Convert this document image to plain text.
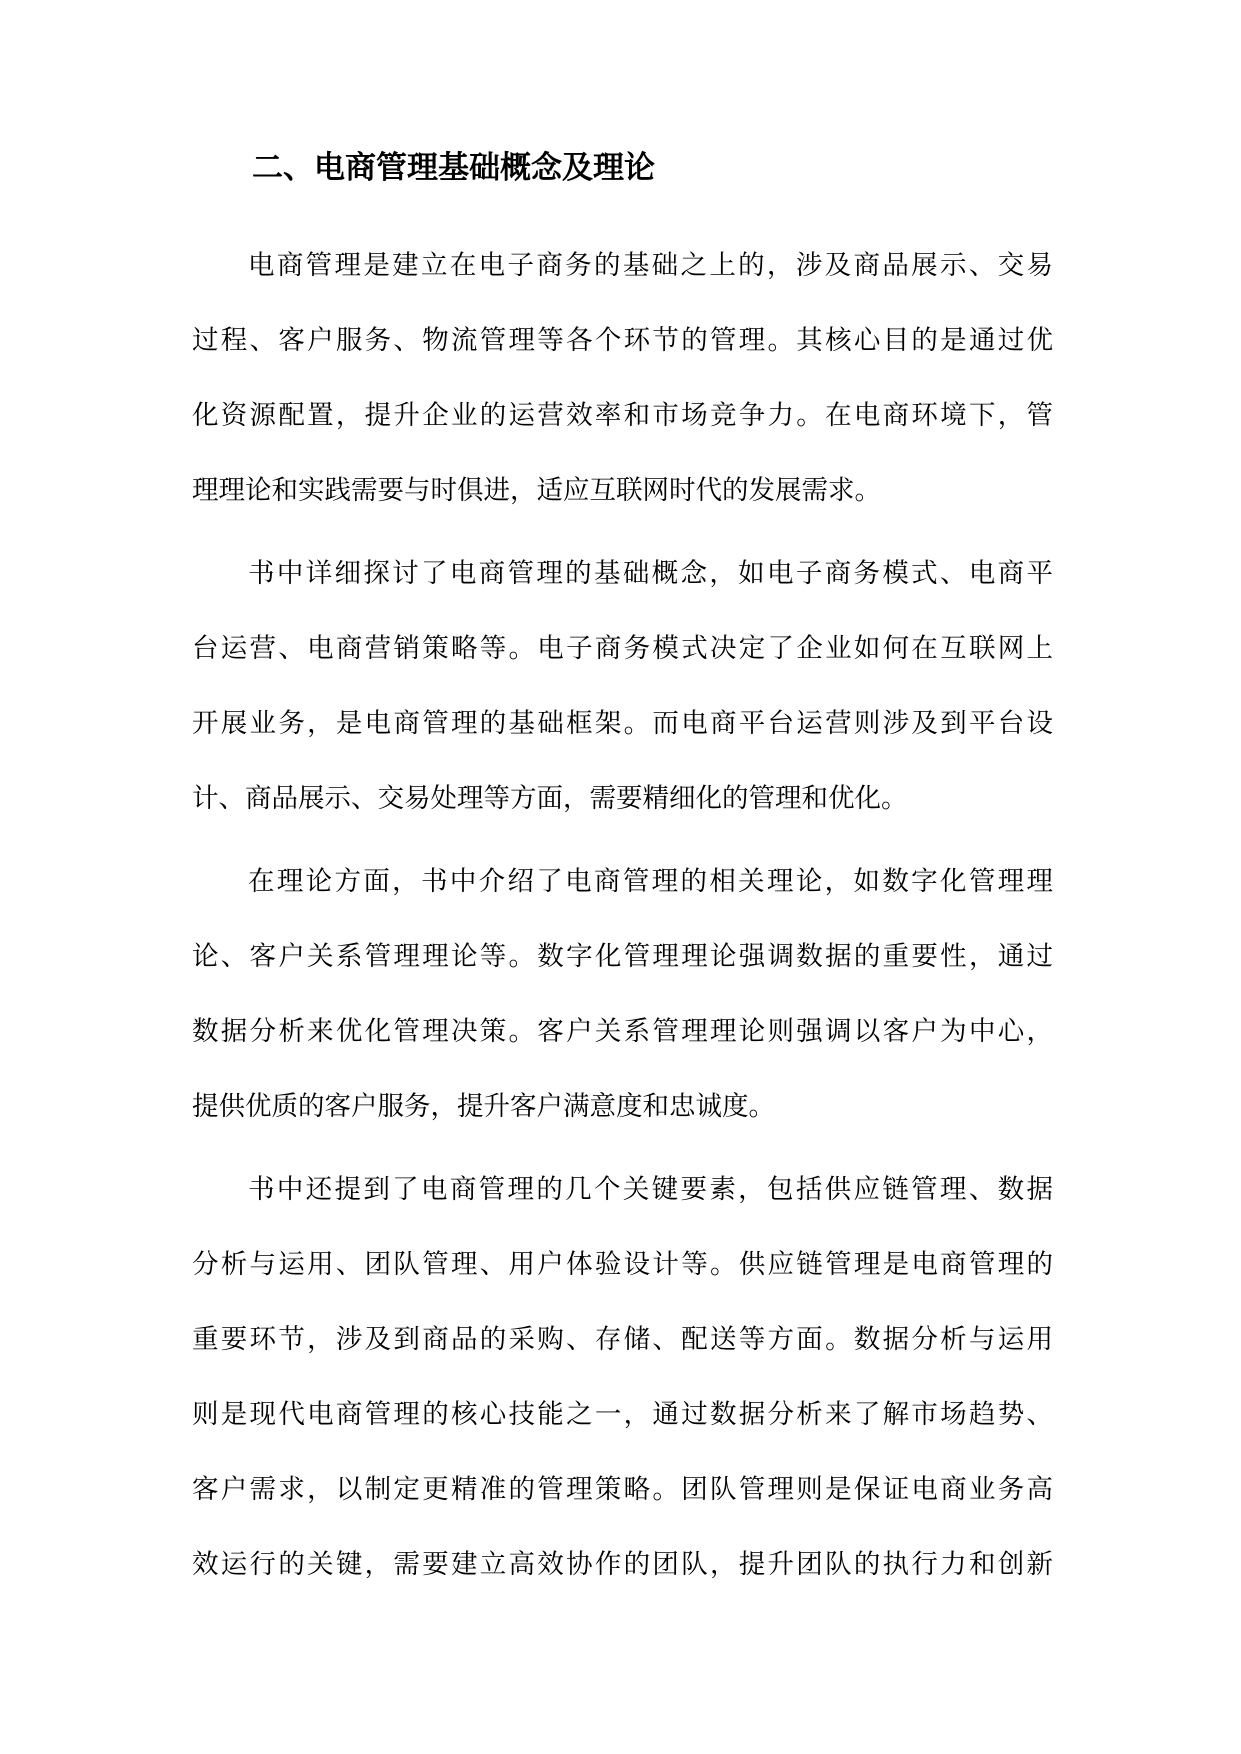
二、电商管理基础概念及理论
电商管理是建立在电子商务的基础之上的，涉及商品展示、交易
过程、客户服务、物流管理等各个环节的管理。其核心目的是通过优
化资源配置，提升企业的运营效率和市场竞争力。在电商环境下，管
理理论和实践需要与时俱进，适应互联网时代的发展需求。
书中详细探讨了电商管理的基础概念，如电子商务模式、电商平
台运营、电商营销策略等。电子商务模式决定了企业如何在互联网上
开展业务，是电商管理的基础框架。而电商平台运营则涉及到平台设
计、商品展示、交易处理等方面，需要精细化的管理和优化。
在理论方面，书中介绍了电商管理的相关理论，如数字化管理理
论、客户关系管理理论等。数字化管理理论强调数据的重要性，通过
数据分析来优化管理决策。客户关系管理理论则强调以客户为中心，
提供优质的客户服务，提升客户满意度和忠诚度。
书中还提到了电商管理的几个关键要素，包括供应链管理、数据
分析与运用、团队管理、用户体验设计等。供应链管理是电商管理的
重要环节，涉及到商品的采购、存储、配送等方面。数据分析与运用
则是现代电商管理的核心技能之一，通过数据分析来了解市场趋势、
客户需求，以制定更精准的管理策略。团队管理则是保证电商业务高
效运行的关键，需要建立高效协作的团队，提升团队的执行力和创新
